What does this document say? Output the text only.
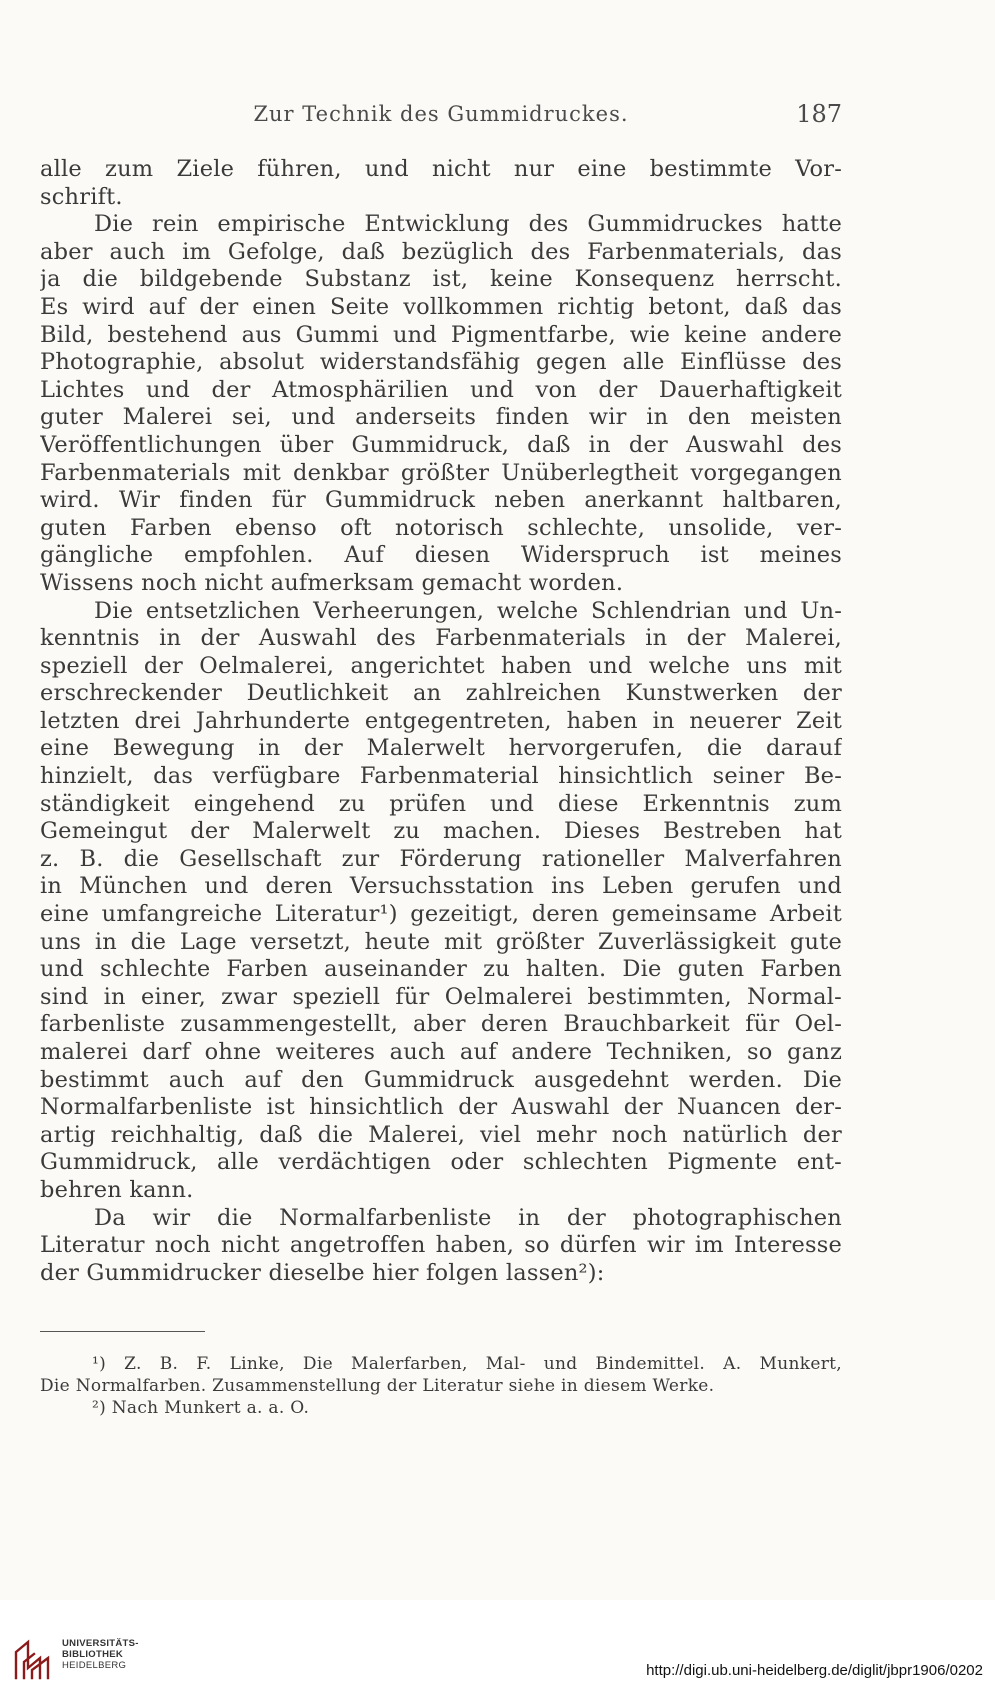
Zur Technik des Gummidruckes.	187
alle zum Ziele führen, und nicht nur eine bestimmte Vor-
schrift.
Die rein empirische Entwicklung des Gummidruckes hatte
aber auch im Gefolge, daß bezüglich des Farbenmaterials, das
ja die bildgebende Substanz ist, keine Konsequenz herrscht.
Es wird auf der einen Seite vollkommen richtig betont, daß das
Bild, bestehend aus Gummi und Pigmentfarbe, wie keine andere
Photographie, absolut widerstandsfähig gegen alle Einflüsse des
Lichtes und der Atmosphärilien und von der Dauerhaftigkeit
guter Malerei sei, und anderseits finden wir in den meisten
Veröffentlichungen über Gummidruck, daß in der Auswahl des
Farbenmaterials mit denkbar größter Unüberlegtheit vorgegangen
wird. Wir finden für Gummidruck neben anerkannt haltbaren,
guten Farben ebenso oft notorisch schlechte, unsolide, ver-
gängliche empfohlen. Auf diesen Widerspruch ist meines
Wissens noch nicht aufmerksam gemacht worden.
Die entsetzlichen Verheerungen, welche Schlendrian und Un-
kenntnis in der Auswahl des Farbenmaterials in der Malerei,
speziell der Oelmalerei, angerichtet haben und welche uns mit
erschreckender Deutlichkeit an zahlreichen Kunstwerken der
letzten drei Jahrhunderte entgegentreten, haben in neuerer Zeit
eine Bewegung in der Malerwelt hervorgerufen, die darauf
hinzielt, das verfügbare Farbenmaterial hinsichtlich seiner Be-
ständigkeit eingehend zu prüfen und diese Erkenntnis zum
Gemeingut der Malerwelt zu machen. Dieses Bestreben hat
z. B. die Gesellschaft zur Förderung rationeller Malverfahren
in München und deren Versuchsstation ins Leben gerufen und
eine umfangreiche Literatur¹) gezeitigt, deren gemeinsame Arbeit
uns in die Lage versetzt, heute mit größter Zuverlässigkeit gute
und schlechte Farben auseinander zu halten. Die guten Farben
sind in einer, zwar speziell für Oelmalerei bestimmten, Normal-
farbenliste zusammengestellt, aber deren Brauchbarkeit für Oel-
malerei darf ohne weiteres auch auf andere Techniken, so ganz
bestimmt auch auf den Gummidruck ausgedehnt werden. Die
Normalfarbenliste ist hinsichtlich der Auswahl der Nuancen der-
artig reichhaltig, daß die Malerei, viel mehr noch natürlich der
Gummidruck, alle verdächtigen oder schlechten Pigmente ent-
behren kann.
Da wir die Normalfarbenliste in der photographischen
Literatur noch nicht angetroffen haben, so dürfen wir im Interesse
der Gummidrucker dieselbe hier folgen lassen²):
¹) Z. B. F. Linke, Die Malerfarben, Mal- und Bindemittel. A. Munkert,
Die Normalfarben. Zusammenstellung der Literatur siehe in diesem Werke.
²) Nach Munkert a. a. O.
UNIVERSITÄTS-
BIBLIOTHEK
HEIDELBERG	http://digi.ub.uni-heidelberg.de/diglit/jbpr1906/0202
